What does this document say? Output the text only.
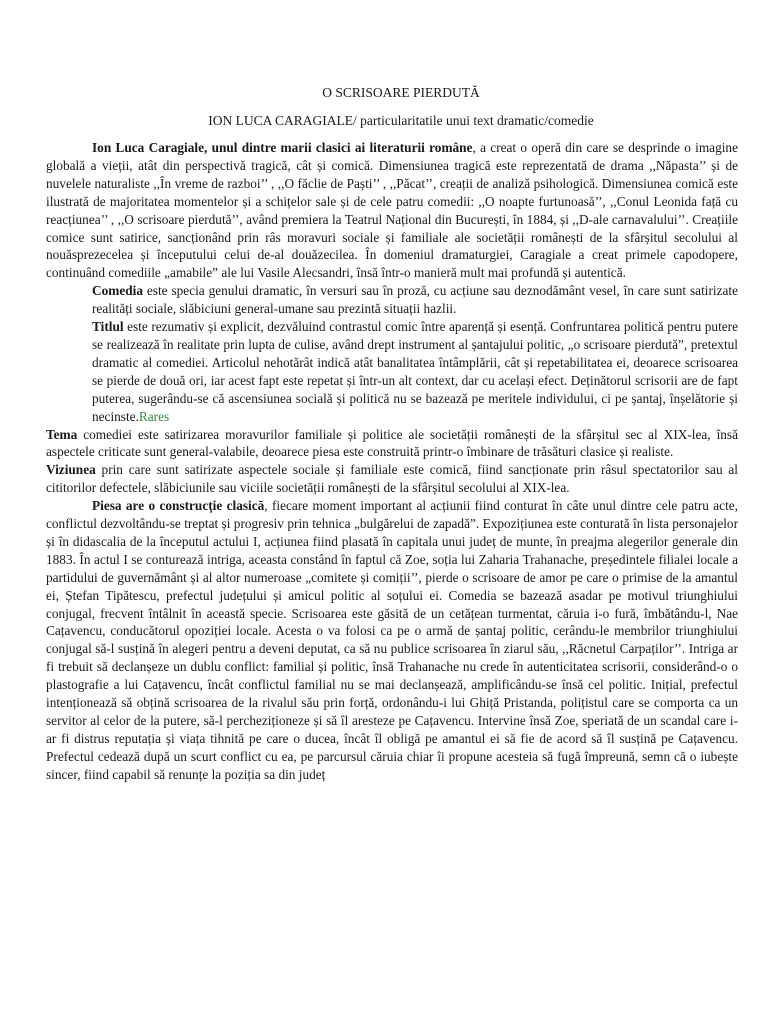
O SCRISOARE PIERDUTĂ
ION LUCA CARAGIALE/ particularitatile unui text dramatic/comedie

Ion Luca Caragiale, unul dintre marii clasici ai literaturii române, a creat o operă din care se desprinde o imagine globală a vieții, atât din perspectivă tragică, cât și comică. Dimensiunea tragică este reprezentată de drama ,,Năpasta’’ și de nuvelele naturaliste ,,În vreme de razboi’’ , ,,O făclie de Paști’’ , ,,Păcat’’, creații de analiză psihologică. Dimensiunea comică este ilustrată de majoritatea momentelor și a schițelor sale și de cele patru comedii: ,,O noapte furtunoasă’’, ,,Conul Leonida față cu reacțiunea’’ , ,,O scrisoare pierdută’’, având premiera la Teatrul Național din București, în 1884, și ,,D-ale carnavalului’’. Creațiile comice sunt satirice, sancționând prin râs moravuri sociale și familiale ale societății românești de la sfârșitul secolului al nouăsprezecelea și începutului celui de-al douăzecilea. În domeniul dramaturgiei, Caragiale a creat primele capodopere, continuând comediile „amabile” ale lui Vasile Alecsandri, însă într-o manieră mult mai profundă și autentică.

Comedia este specia genului dramatic, în versuri sau în proză, cu acțiune sau deznodământ vesel, în care sunt satirizate realități sociale, slăbiciuni general-umane sau prezintă situații hazlii.

Titlul este rezumativ și explicit, dezvăluind contrastul comic între aparență și esență. Confruntarea politică pentru putere se realizează în realitate prin lupta de culise, având drept instrument al șantajului politic, „o scrisoare pierdută”, pretextul dramatic al comediei. Articolul nehotărât indică atât banalitatea întâmplării, cât și repetabilitatea ei, deoarece scrisoarea se pierde de două ori, iar acest fapt este repetat și într-un alt context, dar cu același efect. Deținătorul scrisorii are de fapt puterea, sugerându-se că ascensiunea socială și politică nu se bazează pe meritele individului, ci pe șantaj, înșelătorie și necinste.Rares

Tema comediei este satirizarea moravurilor familiale și politice ale societății românești de la sfârșitul sec al XIX-lea, însă aspectele criticate sunt general-valabile, deoarece piesa este construită printr-o îmbinare de trăsături clasice și realiste.

Viziunea prin care sunt satirizate aspectele sociale și familiale este comică, fiind sancționate prin râsul spectatorilor sau al cititorilor defectele, slăbiciunile sau viciile societății românești de la sfârșitul secolului al XIX-lea.

Piesa are o construcție clasică, fiecare moment important al acțiunii fiind conturat în câte unul dintre cele patru acte, conflictul dezvoltându-se treptat și progresiv prin tehnica „bulgărelui de zapadă”. Expozițiunea este conturată în lista personajelor și în didascalia de la începutul actului I, acțiunea fiind plasată în capitala unui județ de munte, în preajma alegerilor generale din 1883. În actul I se conturează intriga, aceasta constând în faptul că Zoe, soția lui Zaharia Trahanache, președintele filialei locale a partidului de guvernământ și al altor numeroase „comitete și comiții’’, pierde o scrisoare de amor pe care o primise de la amantul ei, Ștefan Tipătescu, prefectul județului și amicul politic al soțului ei. Comedia se bazează asadar pe motivul triunghiului conjugal, frecvent întâlnit în această specie. Scrisoarea este găsită de un cetățean turmentat, căruia i-o fură, îmbătându-l, Nae Cațavencu, conducătorul opoziției locale. Acesta o va folosi ca pe o armă de șantaj politic, cerându-le membrilor triunghiului conjugal să-l susțină în alegeri pentru a deveni deputat, ca să nu publice scrisoarea în ziarul său, ,,Răcnetul Carpaților’’. Intriga ar fi trebuit să declanșeze un dublu conflict: familial și politic, însă Trahanache nu crede în autenticitatea scrisorii, considerând-o o plastografie a lui Cațavencu, încât conflictul familial nu se mai declanșează, amplificându-se însă cel politic. Inițial, prefectul intenționează să obțină scrisoarea de la rivalul său prin forță, ordonându-i lui Ghiță Pristanda, polițistul care se comporta ca un servitor al celor de la putere, să-l percheziționeze și să îl aresteze pe Cațavencu. Intervine însă Zoe, speriată de un scandal care i-ar fi distrus reputația și viața tihnită pe care o ducea, încât îl obligă pe amantul ei să fie de acord să îl susțină pe Cațavencu. Prefectul cedează după un scurt conflict cu ea, pe parcursul căruia chiar îi propune acesteia să fugă împreună, semn că o iubește sincer, fiind capabil să renunțe la poziția sa din județ
